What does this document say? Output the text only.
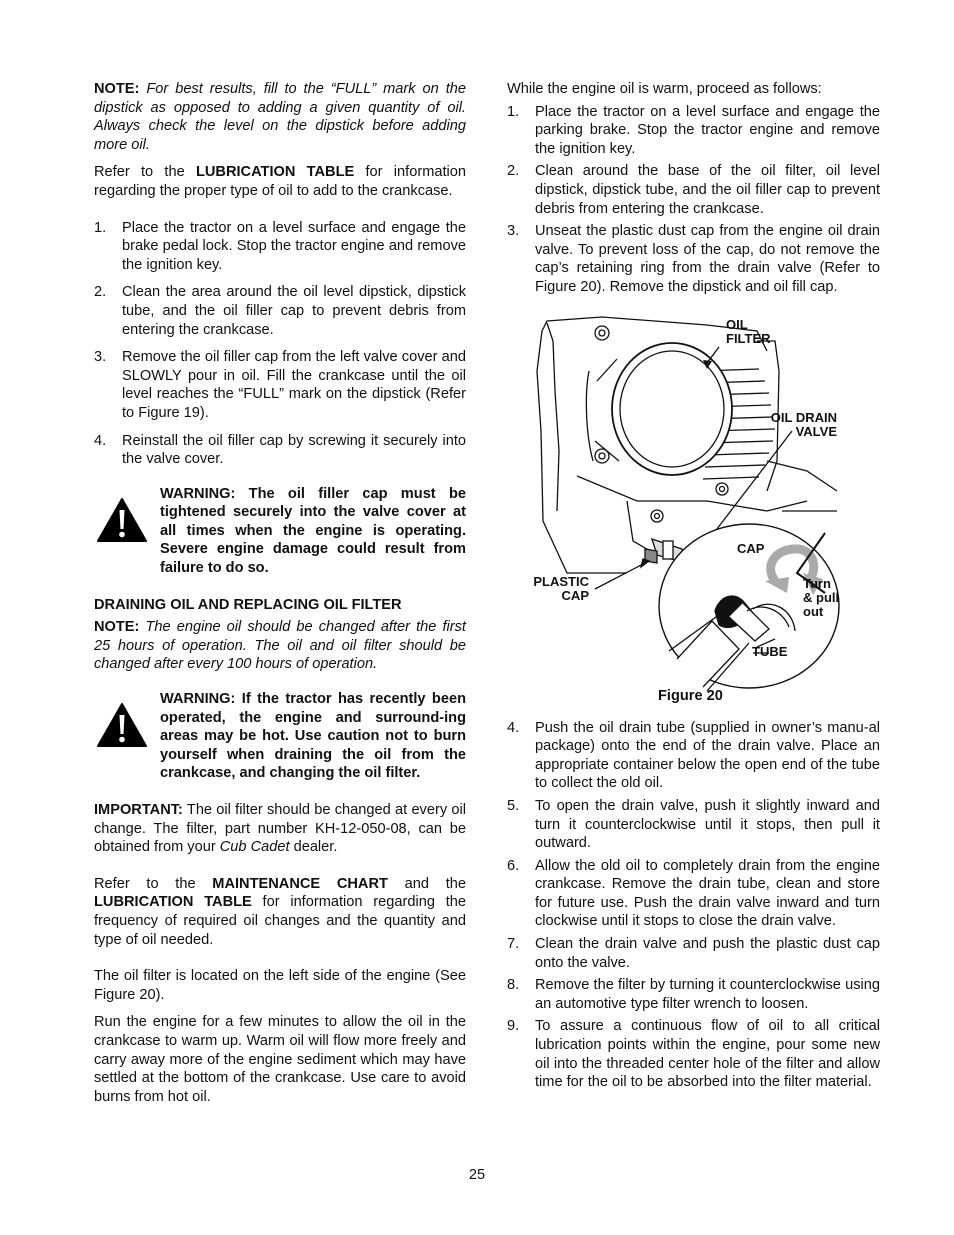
NOTE: For best results, fill to the “FULL” mark on the dipstick as opposed to adding a given quantity of oil. Always check the level on the dipstick before adding more oil.

Refer to the LUBRICATION TABLE for information regarding the proper type of oil to add to the crankcase.

1. Place the tractor on a level surface and engage the brake pedal lock. Stop the tractor engine and remove the ignition key.
2. Clean the area around the oil level dipstick, dipstick tube, and the oil filler cap to prevent debris from entering the crankcase.
3. Remove the oil filler cap from the left valve cover and SLOWLY pour in oil. Fill the crankcase until the oil level reaches the “FULL” mark on the dipstick (Refer to Figure 19).
4. Reinstall the oil filler cap by screwing it securely into the valve cover.
WARNING: The oil filler cap must be tightened securely into the valve cover at all times when the engine is operating. Severe engine damage could result from failure to do so.
DRAINING OIL AND REPLACING OIL FILTER

NOTE: The engine oil should be changed after the first 25 hours of operation. The oil and oil filter should be changed after every 100 hours of operation.

WARNING: If the tractor has recently been operated, the engine and surround-ing areas may be hot. Use caution not to burn yourself when draining the oil from the crankcase, and changing the oil filter.

IMPORTANT: The oil filter should be changed at every oil change. The filter, part number KH-12-050-08, can be obtained from your Cub Cadet dealer.

Refer to the MAINTENANCE CHART and the LUBRICATION TABLE for information regarding the frequency of required oil changes and the quantity and type of oil needed.

The oil filter is located on the left side of the engine (See Figure 20).

Run the engine for a few minutes to allow the oil in the crankcase to warm up. Warm oil will flow more freely and carry away more of the engine sediment which may have settled at the bottom of the crankcase. Use care to avoid burns from hot oil.

While the engine oil is warm, proceed as follows:

1. Place the tractor on a level surface and engage the parking brake. Stop the tractor engine and remove the ignition key.
2. Clean around the base of the oil filter, oil level dipstick, dipstick tube, and the oil filler cap to prevent debris from entering the crankcase.
3. Unseat the plastic dust cap from the engine oil drain valve. To prevent loss of the cap, do not remove the cap’s retaining ring from the drain valve (Refer to Figure 20). Remove the dipstick and oil fill cap.
OIL
FILTER
OIL DRAIN
VALVE
CAP
PLASTIC
CAP
Turn
& pull
out
TUBE
Figure 20
4. Push the oil drain tube (supplied in owner’s manu-al package) onto the end of the drain valve. Place an appropriate container below the open end of the tube to collect the old oil.
5. To open the drain valve, push it slightly inward and turn it counterclockwise until it stops, then pull it outward.
6. Allow the old oil to completely drain from the engine crankcase. Remove the drain tube, clean and store for future use. Push the drain valve inward and turn clockwise until it stops to close the drain valve.
7. Clean the drain valve and push the plastic dust cap onto the valve.
8. Remove the filter by turning it counterclockwise using an automotive type filter wrench to loosen.
9. To assure a continuous flow of oil to all critical lubrication points within the engine, pour some new oil into the threaded center hole of the filter and allow time for the oil to be absorbed into the filter material.
25
